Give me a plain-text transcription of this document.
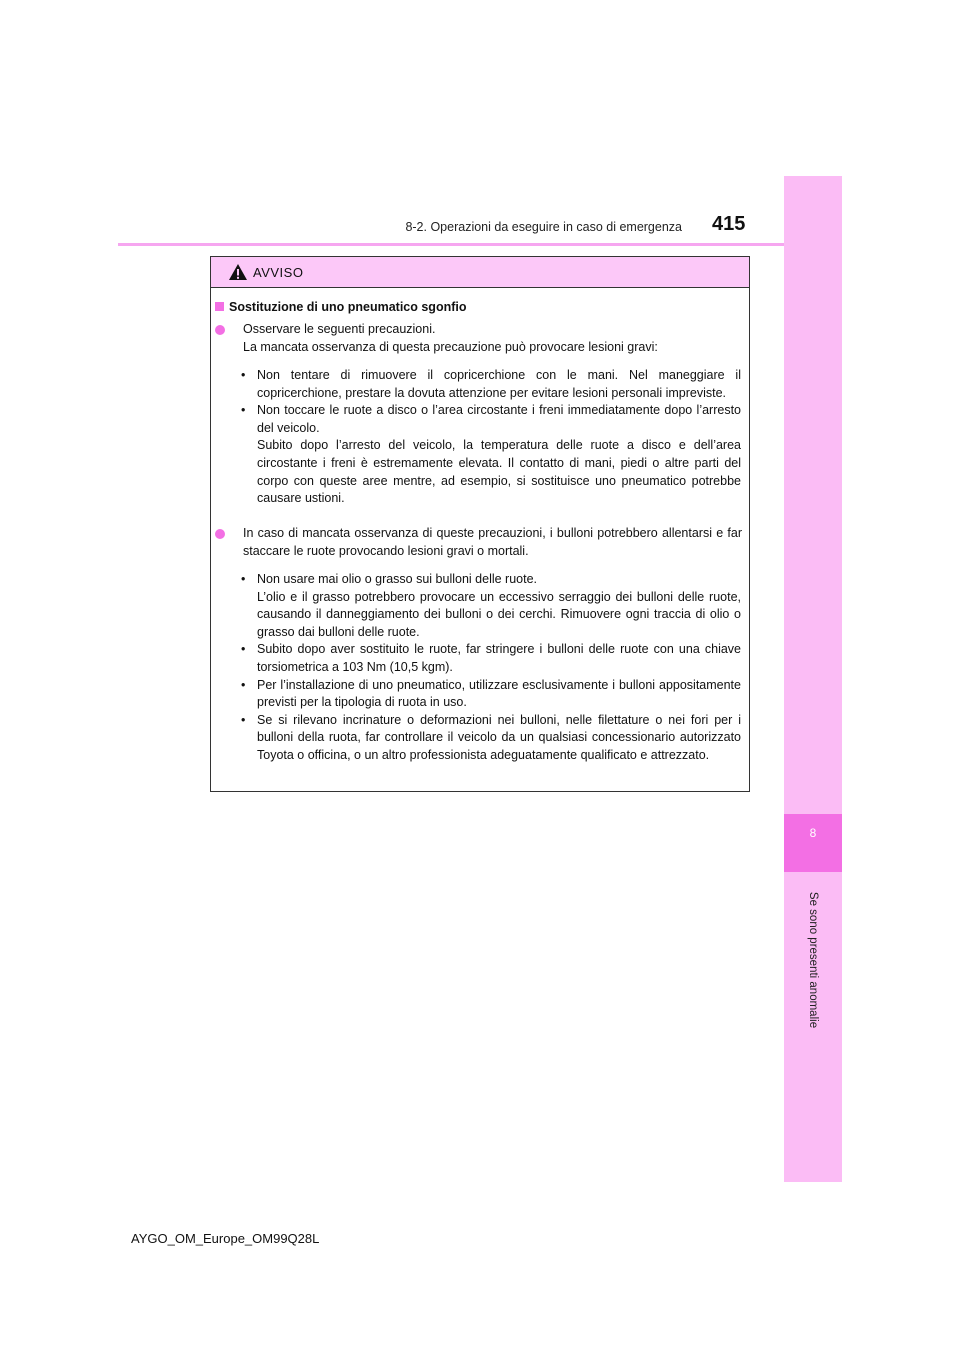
8-2. Operazioni da eseguire in caso di emergenza 415
8
Se sono presenti anomalie
AVVISO
Sostituzione di uno pneumatico sgonfio

Osservare le seguenti precauzioni.

La mancata osservanza di questa precauzione può provocare lesioni gravi:

• Non tentare di rimuovere il copricerchione con le mani. Nel maneggiare il copricerchione, prestare la dovuta attenzione per evitare lesioni personali impreviste.

• Non toccare le ruote a disco o l’area circostante i freni immediatamente dopo l’arresto del veicolo.

Subito dopo l’arresto del veicolo, la temperatura delle ruote a disco e dell’area circostante i freni è estremamente elevata. Il contatto di mani, piedi o altre parti del corpo con queste aree mentre, ad esempio, si sostituisce uno pneumatico potrebbe causare ustioni.

In caso di mancata osservanza di queste precauzioni, i bulloni potrebbero allentarsi e far staccare le ruote provocando lesioni gravi o mortali.

• Non usare mai olio o grasso sui bulloni delle ruote.

L’olio e il grasso potrebbero provocare un eccessivo serraggio dei bulloni delle ruote, causando il danneggiamento dei bulloni o dei cerchi. Rimuovere ogni traccia di olio o grasso dai bulloni delle ruote.

• Subito dopo aver sostituito le ruote, far stringere i bulloni delle ruote con una chiave torsiometrica a 103 Nm (10,5 kgm).

• Per l’installazione di uno pneumatico, utilizzare esclusivamente i bulloni appositamente previsti per la tipologia di ruota in uso.

• Se si rilevano incrinature o deformazioni nei bulloni, nelle filettature o nei fori per i bulloni della ruota, far controllare il veicolo da un qualsiasi concessionario autorizzato Toyota o officina, o un altro professionista adeguatamente qualificato e attrezzato.

AYGO_OM_Europe_OM99Q28L
